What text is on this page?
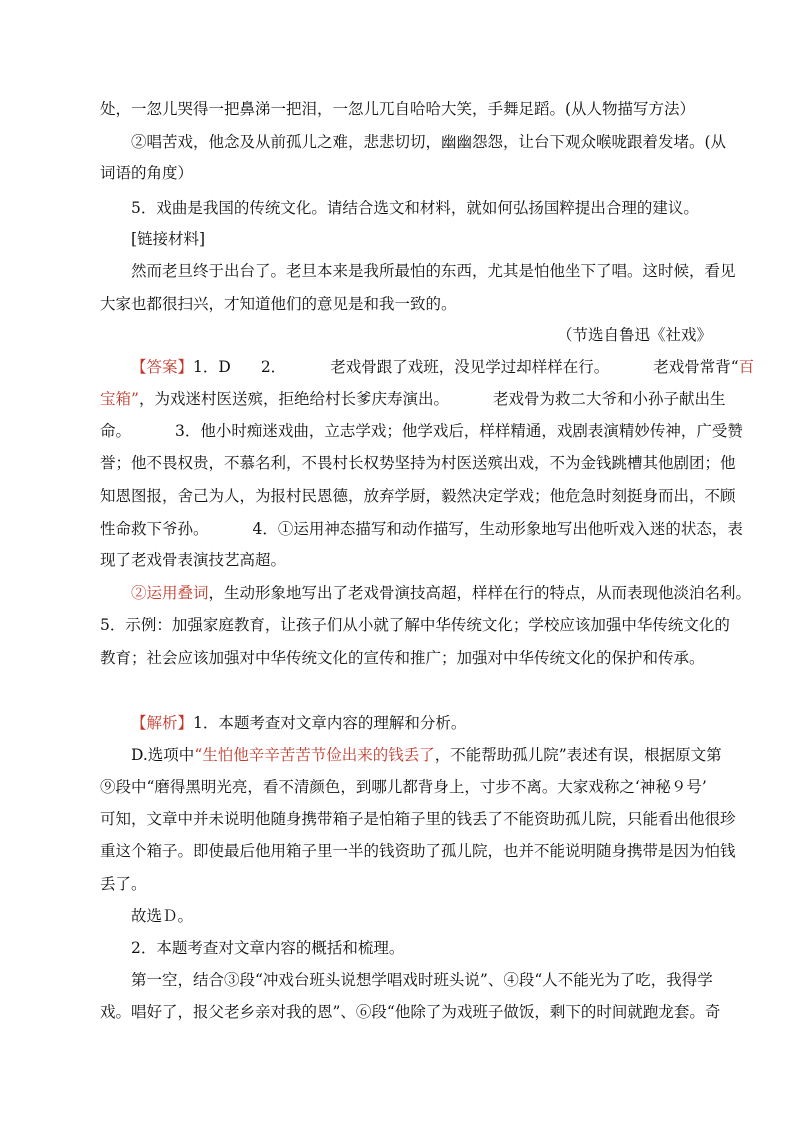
处，一忽儿哭得一把鼻涕一把泪，一忽儿兀自哈哈大笑，手舞足蹈。(从人物描写方法）
②唱苦戏，他念及从前孤儿之难，悲悲切切，幽幽怨怨，让台下观众喉咙跟着发堵。(从
词语的角度）
5．戏曲是我国的传统文化。请结合选文和材料，就如何弘扬国粹提出合理的建议。
[链接材料]
然而老旦终于出台了。老旦本来是我所最怕的东西，尤其是怕他坐下了唱。这时候，看见
大家也都很扫兴，才知道他们的意见是和我一致的。
（节选自鲁迅《社戏》
【答案】1．D 2．	老戏骨跟了戏班，没见学过却样样在行。	老戏骨常背“百
宝箱”，为戏迷村医送殡，拒绝给村长爹庆寿演出。	老戏骨为救二大爷和小孙子献出生
命。	3．他小时痴迷戏曲，立志学戏；他学戏后，样样精通，戏剧表演精妙传神，广受赞
誉；他不畏权贵，不慕名利，不畏村长权势坚持为村医送殡出戏，不为金钱跳槽其他剧团；他
知恩图报，舍己为人，为报村民恩德，放弃学厨，毅然决定学戏；他危急时刻挺身而出，不顾
性命救下爷孙。	4．①运用神态描写和动作描写，生动形象地写出他听戏入迷的状态，表
现了老戏骨表演技艺高超。
②运用叠词，生动形象地写出了老戏骨演技高超，样样在行的特点，从而表现他淡泊名利。
5．示例：加强家庭教育，让孩子们从小就了解中华传统文化；学校应该加强中华传统文化的
教育；社会应该加强对中华传统文化的宣传和推广；加强对中华传统文化的保护和传承。
【解析】1．本题考查对文章内容的理解和分析。
D.选项中“生怕他辛辛苦苦节俭出来的钱丢了，不能帮助孤儿院”表述有误，根据原文第
⑨段中“磨得黑明光亮，看不清颜色，到哪儿都背身上，寸步不离。大家戏称之‘神秘９号’
可知，文章中并未说明他随身携带箱子是怕箱子里的钱丢了不能资助孤儿院，只能看出他很珍
重这个箱子。即使最后他用箱子里一半的钱资助了孤儿院，也并不能说明随身携带是因为怕钱
丢了。
故选Ｄ。
2．本题考查对文章内容的概括和梳理。
第一空，结合③段“冲戏台班头说想学唱戏时班头说”、④段“人不能光为了吃，我得学
戏。唱好了，报父老乡亲对我的恩”、⑥段“他除了为戏班子做饭，剩下的时间就跑龙套。奇
